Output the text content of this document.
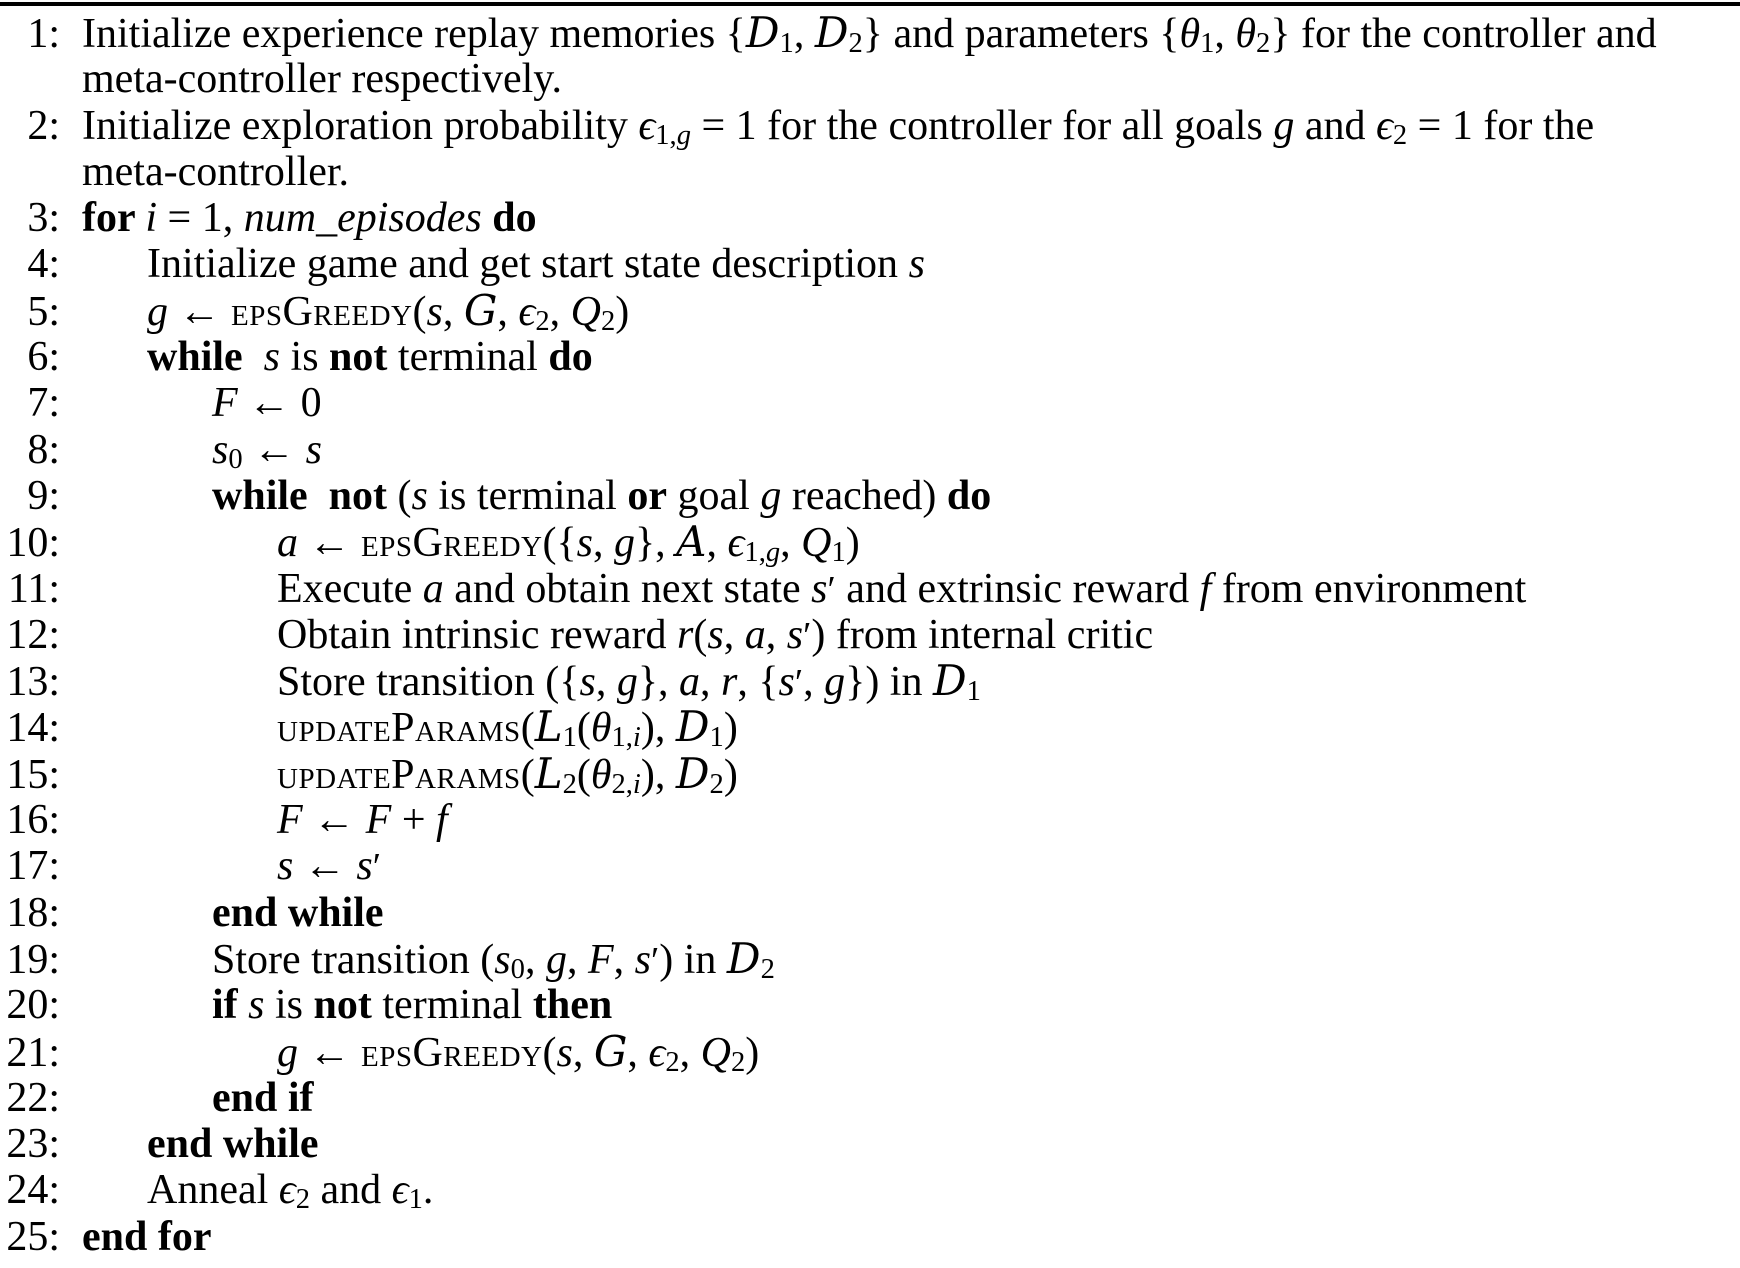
1: Initialize experience replay memories {D1, D2} and parameters {θ1, θ2} for the controller and
meta-controller respectively.
2: Initialize exploration probability ϵ1,g = 1 for the controller for all goals g and ϵ2 = 1 for the
meta-controller.
3: for i = 1, num_episodes do
4:	Initialize game and get start state description s
5:	g ← epsGreedy(s, G, ϵ2, Q2)
6:	while  s is not terminal do
7:	F ← 0
8:	s0 ← s
9:	while  not (s is terminal or goal g reached) do
10:	a ← epsGreedy({s, g}, A, ϵ1,g, Q1)
11:	Execute a and obtain next state s′ and extrinsic reward f from environment
12:	Obtain intrinsic reward r(s, a, s′) from internal critic
13:	Store transition ({s, g}, a, r, {s′, g}) in D1
14:	updateParams(L1(θ1,i), D1)
15:	updateParams(L2(θ2,i), D2)
16:	F ← F + f
17:	s ← s′
18:	end while
19:	Store transition (s0, g, F, s′) in D2
20:	if s is not terminal then
21:	g ← epsGreedy(s, G, ϵ2, Q2)
22:	end if
23:	end while
24:	Anneal ϵ2 and ϵ1.
25: end for
